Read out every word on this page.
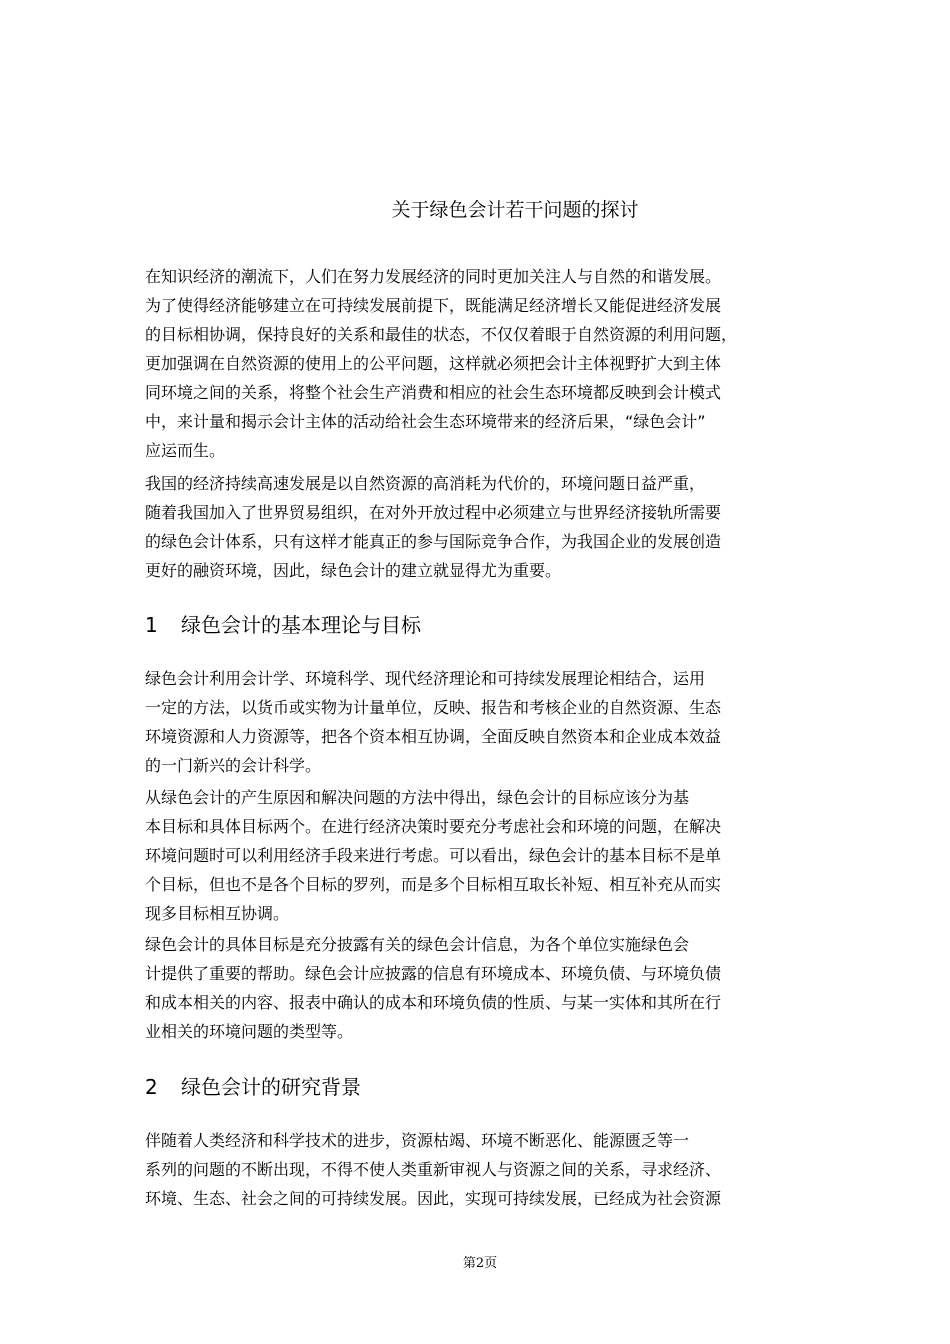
关于绿色会计若干问题的探讨
在知识经济的潮流下，人们在努力发展经济的同时更加关注人与自然的和谐发展。
为了使得经济能够建立在可持续发展前提下，既能满足经济增长又能促进经济发展
的目标相协调，保持良好的关系和最佳的状态，不仅仅着眼于自然资源的利用问题，
更加强调在自然资源的使用上的公平问题，这样就必须把会计主体视野扩大到主体
同环境之间的关系，将整个社会生产消费和相应的社会生态环境都反映到会计模式
中，来计量和揭示会计主体的活动给社会生态环境带来的经济后果，“绿色会计”
应运而生。
我国的经济持续高速发展是以自然资源的高消耗为代价的，环境问题日益严重，
随着我国加入了世界贸易组织，在对外开放过程中必须建立与世界经济接轨所需要
的绿色会计体系，只有这样才能真正的参与国际竞争合作，为我国企业的发展创造
更好的融资环境，因此，绿色会计的建立就显得尤为重要。
1 绿色会计的基本理论与目标
绿色会计利用会计学、环境科学、现代经济理论和可持续发展理论相结合，运用
一定的方法，以货币或实物为计量单位，反映、报告和考核企业的自然资源、生态
环境资源和人力资源等，把各个资本相互协调，全面反映自然资本和企业成本效益
的一门新兴的会计科学。
从绿色会计的产生原因和解决问题的方法中得出，绿色会计的目标应该分为基
本目标和具体目标两个。在进行经济决策时要充分考虑社会和环境的问题，在解决
环境问题时可以利用经济手段来进行考虑。可以看出，绿色会计的基本目标不是单
个目标，但也不是各个目标的罗列，而是多个目标相互取长补短、相互补充从而实
现多目标相互协调。
绿色会计的具体目标是充分披露有关的绿色会计信息，为各个单位实施绿色会
计提供了重要的帮助。绿色会计应披露的信息有环境成本、环境负债、与环境负债
和成本相关的内容、报表中确认的成本和环境负债的性质、与某一实体和其所在行
业相关的环境问题的类型等。
2 绿色会计的研究背景
伴随着人类经济和科学技术的进步，资源枯竭、环境不断恶化、能源匮乏等一
系列的问题的不断出现，不得不使人类重新审视人与资源之间的关系，寻求经济、
环境、生态、社会之间的可持续发展。因此，实现可持续发展，已经成为社会资源
第2页
